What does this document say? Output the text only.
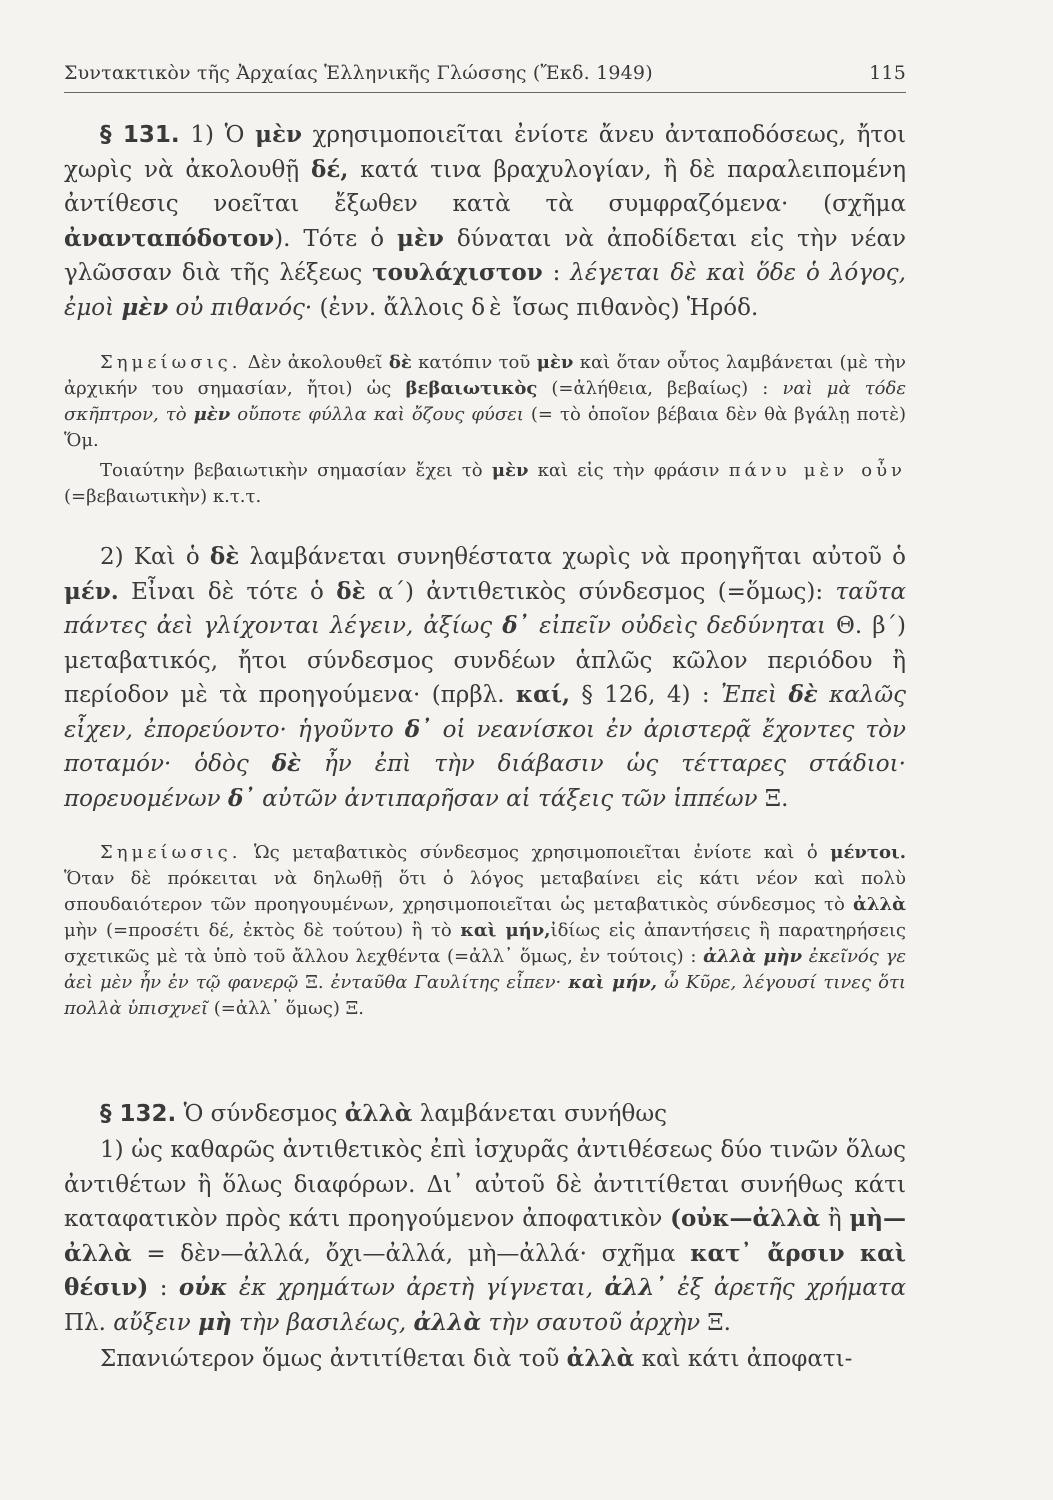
Συντακτικὸν τῆς Ἀρχαίας Ἑλληνικῆς Γλώσσης (Ἔκδ. 1949)	115

§ 131. 1) Ὁ μὲν χρησιμοποιεῖται ἐνίοτε ἄνευ ἀνταποδόσεως, ἤτοι χωρὶς νὰ ἀκολουθῇ δέ, κατά τινα βραχυλογίαν, ἢ δὲ παραλειπομένη ἀντίθεσις νοεῖται ἔξωθεν κατὰ τὰ συμφραζόμενα· (σχῆμα ἀνανταπόδοτον). Τότε ὁ μὲν δύναται νὰ ἀποδίδεται εἰς τὴν νέαν γλῶσσαν διὰ τῆς λέξεως τουλάχιστον : λέγεται δὲ καὶ ὅδε ὁ λόγος, ἐμοὶ μὲν οὐ πιθανός· (ἐνν. ἄλλοις δὲ ἴσως πιθανὸς) Ἡρόδ.

Σημείωσις. Δὲν ἀκολουθεῖ δὲ κατόπιν τοῦ μὲν καὶ ὅταν οὗτος λαμβάνεται (μὲ τὴν ἀρχικήν του σημασίαν, ἤτοι) ὡς βεβαιωτικὸς (=ἀλήθεια, βεβαίως) : ναὶ μὰ τόδε σκῆπτρον, τὸ μὲν οὔποτε φύλλα καὶ ὄζους φύσει (= τὸ ὁποῖον βέβαια δὲν θὰ βγάλῃ ποτὲ) Ὅμ.

Τοιαύτην βεβαιωτικὴν σημασίαν ἔχει τὸ μὲν καὶ εἰς τὴν φράσιν πάνυ μὲν οὖν (=βεβαιωτικὴν) κ.τ.τ.

2) Καὶ ὁ δὲ λαμβάνεται συνηθέστατα χωρὶς νὰ προηγῆται αὐτοῦ ὁ μέν. Εἶναι δὲ τότε ὁ δὲ α΄) ἀντιθετικὸς σύνδεσμος (=ὅμως): ταῦτα πάντες ἀεὶ γλίχονται λέγειν, ἀξίως δ᾽ εἰπεῖν οὐδεὶς δεδύνηται Θ. β΄) μεταβατικός, ἤτοι σύνδεσμος συνδέων ἁπλῶς κῶλον περιόδου ἢ περίοδον μὲ τὰ προηγούμενα· (πρβλ. καί, § 126, 4) : Ἐπεὶ δὲ καλῶς εἶχεν, ἐπορεύοντο· ἡγοῦντο δ᾽ οἱ νεανίσκοι ἐν ἀριστερᾷ ἔχοντες τὸν ποταμόν· ὁδὸς δὲ ἦν ἐπὶ τὴν διάβασιν ὡς τέτταρες στάδιοι· πορευομένων δ᾽ αὐτῶν ἀντιπαρῆσαν αἱ τάξεις τῶν ἱππέων Ξ.

Σημείωσις. Ὡς μεταβατικὸς σύνδεσμος χρησιμοποιεῖται ἐνίοτε καὶ ὁ μέντοι. Ὅταν δὲ πρόκειται νὰ δηλωθῇ ὅτι ὁ λόγος μεταβαίνει εἰς κάτι νέον καὶ πολὺ σπουδαιότερον τῶν προηγουμένων, χρησιμοποιεῖται ὡς μεταβατικὸς σύνδεσμος τὸ ἀλλὰ μὴν (=προσέτι δέ, ἐκτὸς δὲ τούτου) ἢ τὸ καὶ μήν,ἰδίως εἰς ἀπαντήσεις ἢ παρατηρήσεις σχετικῶς μὲ τὰ ὑπὸ τοῦ ἄλλου λεχθέντα (=ἀλλ᾽ ὅμως, ἐν τούτοις) : ἀλλὰ μὴν ἐκεῖνός γε ἀεὶ μὲν ἦν ἐν τῷ φανερῷ Ξ. ἐνταῦθα Γαυλίτης εἶπεν· καὶ μήν, ὦ Κῦρε, λέγουσί τινες ὅτι πολλὰ ὑπισχνεῖ (=ἀλλ᾽ ὅμως) Ξ.

§ 132. Ὁ σύνδεσμος ἀλλὰ λαμβάνεται συνήθως

1) ὡς καθαρῶς ἀντιθετικὸς ἐπὶ ἰσχυρᾶς ἀντιθέσεως δύο τινῶν ὅλως ἀντιθέτων ἢ ὅλως διαφόρων. Δι᾽ αὐτοῦ δὲ ἀντιτίθεται συνήθως κάτι καταφατικὸν πρὸς κάτι προηγούμενον ἀποφατικὸν (οὐκ—ἀλλὰ ἢ μὴ—ἀλλὰ = δὲν—ἀλλά, ὄχι—ἀλλά, μὴ—ἀλλά· σχῆμα κατ᾽ ἄρσιν καὶ θέσιν) : οὐκ ἐκ χρημάτων ἀρετὴ γίγνεται, ἀλλ᾽ ἐξ ἀρετῆς χρήματα Πλ. αὔξειν μὴ τὴν βασιλέως, ἀλλὰ τὴν σαυτοῦ ἀρχὴν Ξ.

Σπανιώτερον ὅμως ἀντιτίθεται διὰ τοῦ ἀλλὰ καὶ κάτι ἀποφατι-
